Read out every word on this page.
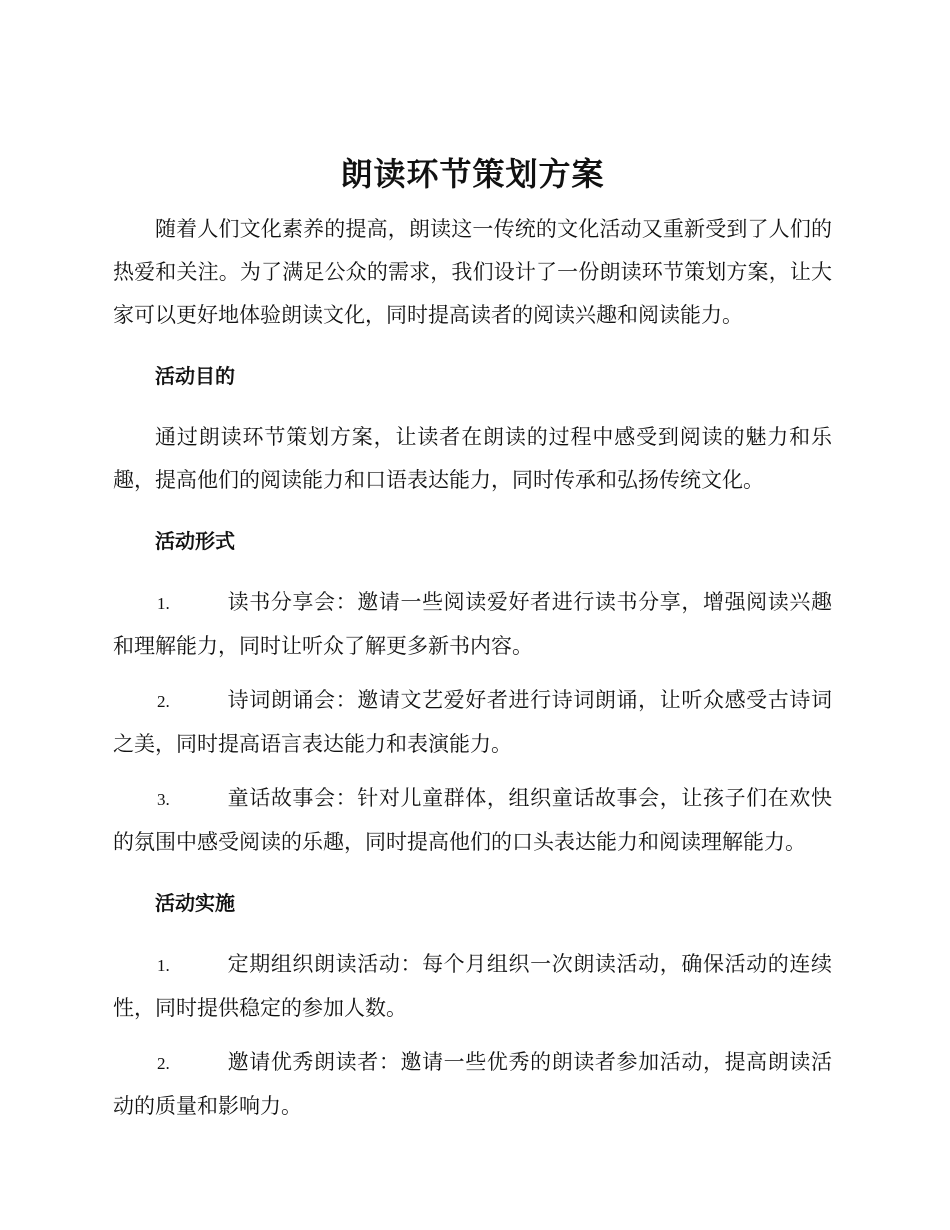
朗读环节策划方案

随着人们文化素养的提高，朗读这一传统的文化活动又重新受到了人们的热爱和关注。为了满足公众的需求，我们设计了一份朗读环节策划方案，让大家可以更好地体验朗读文化，同时提高读者的阅读兴趣和阅读能力。

活动目的

通过朗读环节策划方案，让读者在朗读的过程中感受到阅读的魅力和乐趣，提高他们的阅读能力和口语表达能力，同时传承和弘扬传统文化。

活动形式

1.	读书分享会：邀请一些阅读爱好者进行读书分享，增强阅读兴趣和理解能力，同时让听众了解更多新书内容。

2.	诗词朗诵会：邀请文艺爱好者进行诗词朗诵，让听众感受古诗词之美，同时提高语言表达能力和表演能力。

3.	童话故事会：针对儿童群体，组织童话故事会，让孩子们在欢快的氛围中感受阅读的乐趣，同时提高他们的口头表达能力和阅读理解能力。

活动实施

1.	定期组织朗读活动：每个月组织一次朗读活动，确保活动的连续性，同时提供稳定的参加人数。

2.	邀请优秀朗读者：邀请一些优秀的朗读者参加活动，提高朗读活动的质量和影响力。
